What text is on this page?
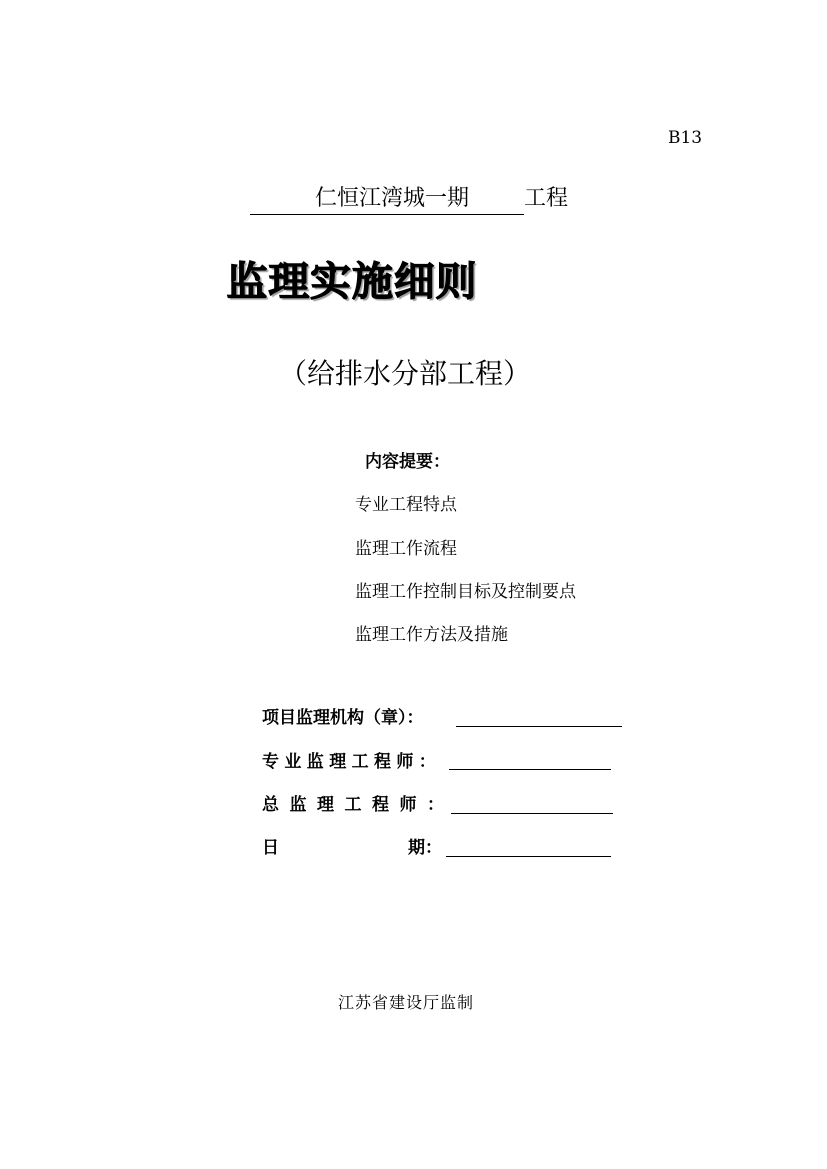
B13
仁恒江湾城一期	工程
监理实施细则
（给排水分部工程）
内容提要：
专业工程特点
监理工作流程
监理工作控制目标及控制要点
监理工作方法及措施
项目监理机构（章）：
专业监理工程师：
总监理工程师：
日	期：
江苏省建设厅监制
